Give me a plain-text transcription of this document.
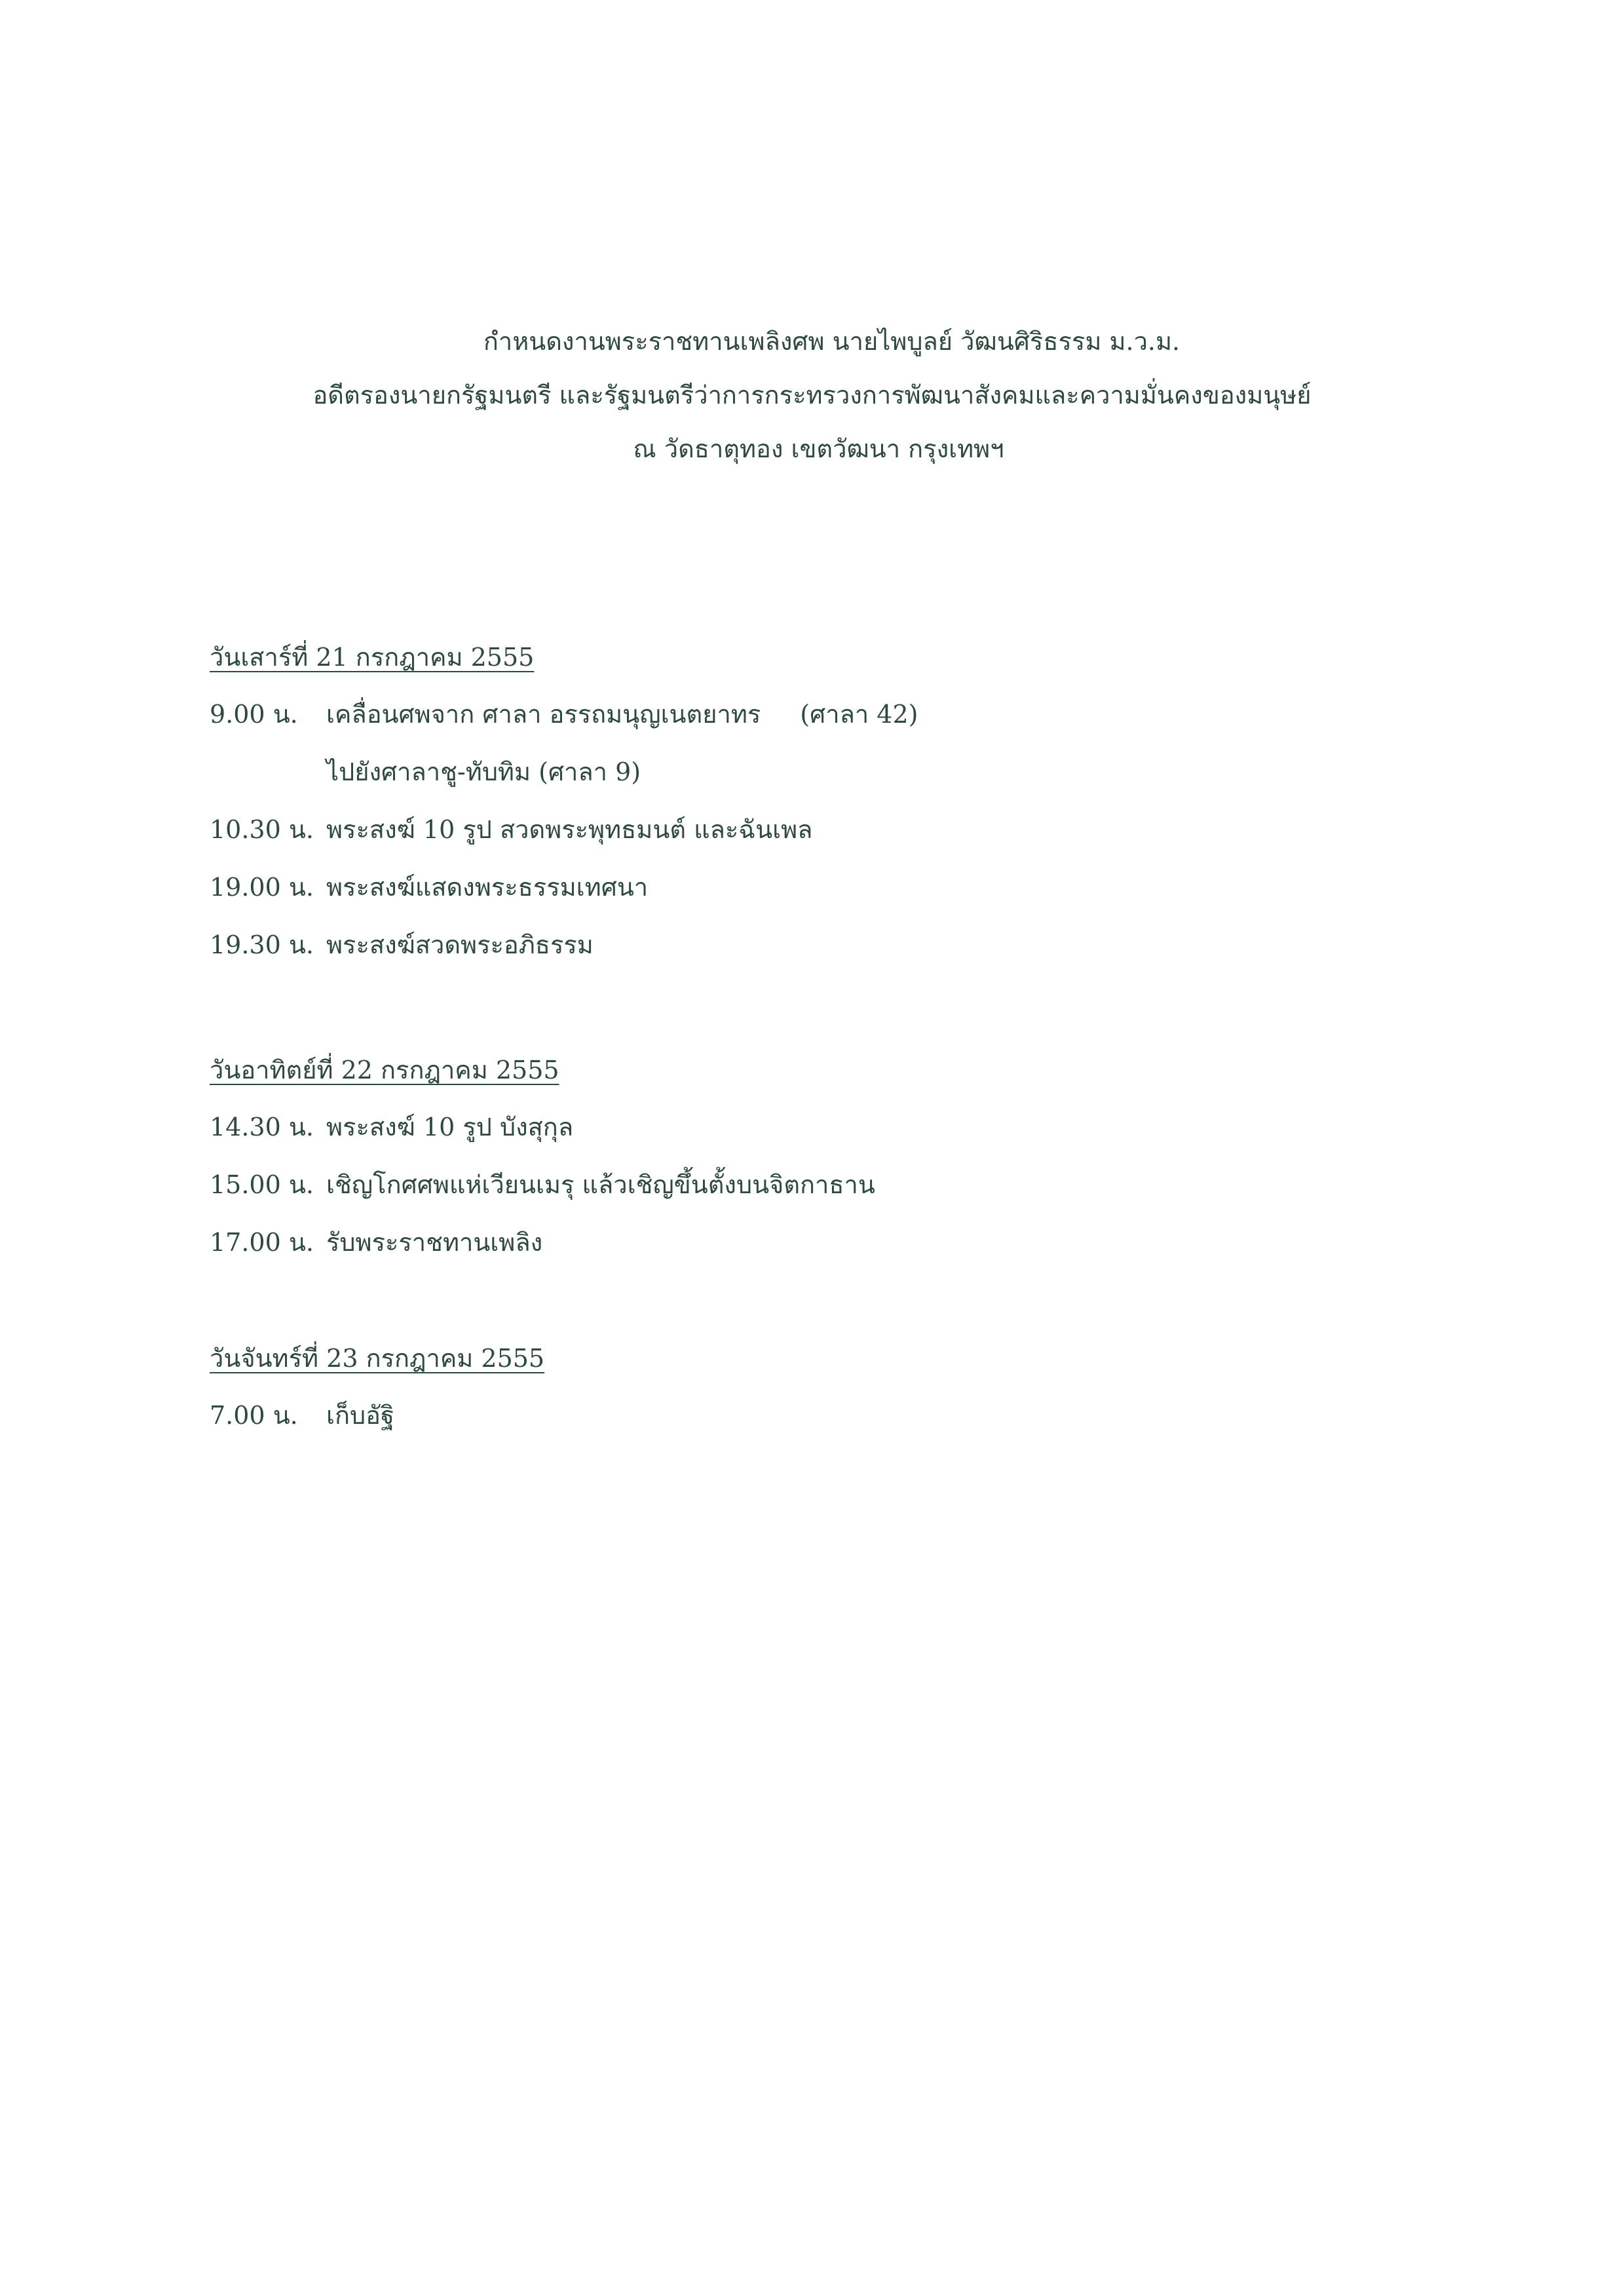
กำหนดงานพระราชทานเพลิงศพ นายไพบูลย์ วัฒนศิริธรรม ม.ว.ม.
อดีตรองนายกรัฐมนตรี และรัฐมนตรีว่าการกระทรวงการพัฒนาสังคมและความมั่นคงของมนุษย์
ณ วัดธาตุทอง เขตวัฒนา กรุงเทพฯ
วันเสาร์ที่ 21 กรกฎาคม 2555
9.00 น.	เคลื่อนศพจาก ศาลา อรรถมนุญเนตยาทร (ศาลา 42)
ไปยังศาลาชู-ทับทิม (ศาลา 9)
10.30 น. พระสงฆ์ 10 รูป สวดพระพุทธมนต์ และฉันเพล
19.00 น. พระสงฆ์แสดงพระธรรมเทศนา
19.30 น. พระสงฆ์สวดพระอภิธรรม
วันอาทิตย์ที่ 22 กรกฎาคม 2555
14.30 น. พระสงฆ์ 10 รูป บังสุกุล
15.00 น. เชิญโกศศพแห่เวียนเมรุ แล้วเชิญขึ้นตั้งบนจิตกาธาน
17.00 น. รับพระราชทานเพลิง
วันจันทร์ที่ 23 กรกฎาคม 2555
7.00 น.	เก็บอัฐิ
